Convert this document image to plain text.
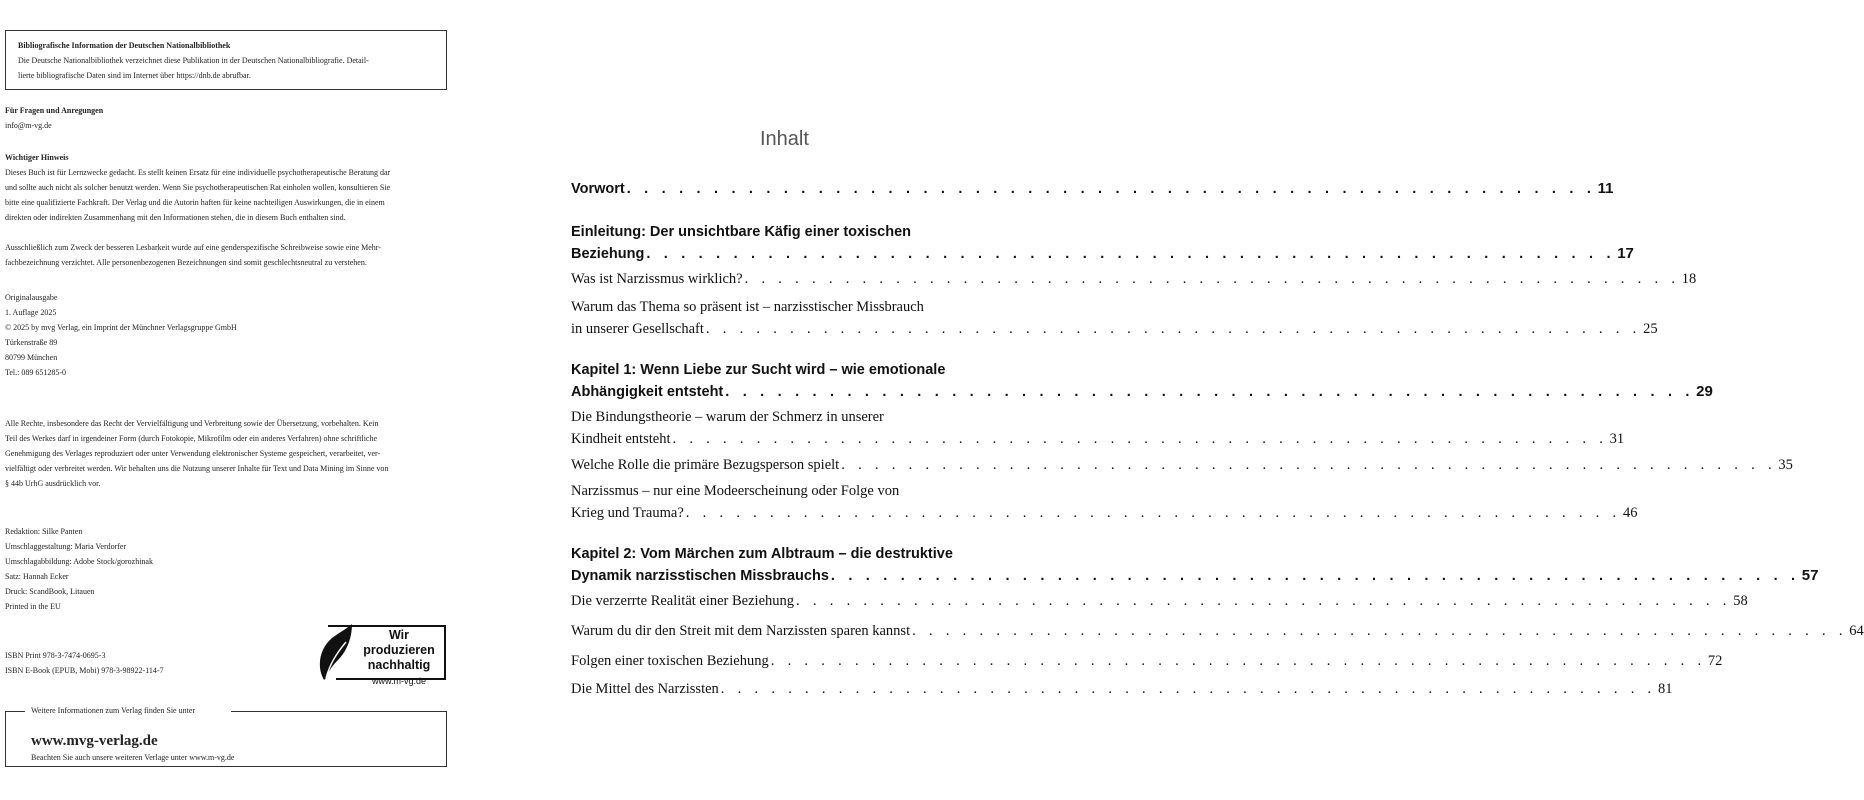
Bibliografische Information der Deutschen Nationalbibliothek
Die Deutsche Nationalbibliothek verzeichnet diese Publikation in der Deutschen Nationalbibliografie. Detail-
lierte bibliografische Daten sind im Internet über https://dnb.de abrufbar.
Für Fragen und Anregungen
info@m-vg.de
Wichtiger Hinweis
Dieses Buch ist für Lernzwecke gedacht. Es stellt keinen Ersatz für eine individuelle psychotherapeutische Beratung dar
und sollte auch nicht als solcher benutzt werden. Wenn Sie psychotherapeutischen Rat einholen wollen, konsultieren Sie
bitte eine qualifizierte Fachkraft. Der Verlag und die Autorin haften für keine nachteiligen Auswirkungen, die in einem
direkten oder indirekten Zusammenhang mit den Informationen stehen, die in diesem Buch enthalten sind.
Ausschließlich zum Zweck der besseren Lesbarkeit wurde auf eine genderspezifische Schreibweise sowie eine Mehr-
fachbezeichnung verzichtet. Alle personenbezogenen Bezeichnungen sind somit geschlechtsneutral zu verstehen.
Originalausgabe
1. Auflage 2025
© 2025 by mvg Verlag, ein Imprint der Münchner Verlagsgruppe GmbH
Türkenstraße 89
80799 München
Tel.: 089 651285-0
Alle Rechte, insbesondere das Recht der Vervielfältigung und Verbreitung sowie der Übersetzung, vorbehalten. Kein
Teil des Werkes darf in irgendeiner Form (durch Fotokopie, Mikrofilm oder ein anderes Verfahren) ohne schriftliche
Genehmigung des Verlages reproduziert oder unter Verwendung elektronischer Systeme gespeichert, verarbeitet, ver-
vielfältigt oder verbreitet werden. Wir behalten uns die Nutzung unserer Inhalte für Text und Data Mining im Sinne von
§ 44b UrhG ausdrücklich vor.
Redaktion: Silke Panten
Umschlaggestaltung: Maria Verdorfer
Umschlagabbildung: Adobe Stock/gorozhinak
Satz: Hannah Ecker
Druck: ScandBook, Litauen
Printed in the EU
ISBN Print 978-3-7474-0695-3
ISBN E-Book (EPUB, Mobi) 978-3-98922-114-7
Wir produzieren
nachhaltig
www.m-vg.de
Weitere Informationen zum Verlag finden Sie unter
www.mvg-verlag.de
Beachten Sie auch unsere weiteren Verlage unter www.m-vg.de
Inhalt
Vorwort . . . . . . . . . . . . . . . . . . . . . . . . . . . . . . . . . . . . . . . . . . . . . . . . . . . . . . . . 11
Einleitung: Der unsichtbare Käfig einer toxischen
Beziehung . . . . . . . . . . . . . . . . . . . . . . . . . . . . . . . . . . . . . . . . . . . . . . . . . . . . . . . . 17
Was ist Narzissmus wirklich? . . . . . . . . . . . . . . . . . . . . . . . . . . . . . . . . . . . . . . . . . . . . . . . . . . . . . . . . 18
Warum das Thema so präsent ist – narzisstischer Missbrauch
in unserer Gesellschaft . . . . . . . . . . . . . . . . . . . . . . . . . . . . . . . . . . . . . . . . . . . . . . . . . . . . . . . . 25
Kapitel 1: Wenn Liebe zur Sucht wird – wie emotionale
Abhängigkeit entsteht . . . . . . . . . . . . . . . . . . . . . . . . . . . . . . . . . . . . . . . . . . . . . . . . . . . . . . . . 29
Die Bindungstheorie – warum der Schmerz in unserer
Kindheit entsteht . . . . . . . . . . . . . . . . . . . . . . . . . . . . . . . . . . . . . . . . . . . . . . . . . . . . . . . . 31
Welche Rolle die primäre Bezugsperson spielt . . . . . . . . . . . . . . . . . . . . . . . . . . . . . . . . . . . . . . . . . . . . . . . . . . . . . . . . 35
Narzissmus – nur eine Modeerscheinung oder Folge von
Krieg und Trauma? . . . . . . . . . . . . . . . . . . . . . . . . . . . . . . . . . . . . . . . . . . . . . . . . . . . . . . . . 46
Kapitel 2: Vom Märchen zum Albtraum – die destruktive
Dynamik narzisstischen Missbrauchs . . . . . . . . . . . . . . . . . . . . . . . . . . . . . . . . . . . . . . . . . . . . . . . . . . . . . . . . 57
Die verzerrte Realität einer Beziehung . . . . . . . . . . . . . . . . . . . . . . . . . . . . . . . . . . . . . . . . . . . . . . . . . . . . . . . . 58
Warum du dir den Streit mit dem Narzissten sparen kannst . . . . . . . . . . . . . . . . . . . . . . . . . . . . . . . . . . . . . . . . . . . . . . . . . . . . . . . . 64
Folgen einer toxischen Beziehung . . . . . . . . . . . . . . . . . . . . . . . . . . . . . . . . . . . . . . . . . . . . . . . . . . . . . . . . 72
Die Mittel des Narzissten . . . . . . . . . . . . . . . . . . . . . . . . . . . . . . . . . . . . . . . . . . . . . . . . . . . . . . . . 81
